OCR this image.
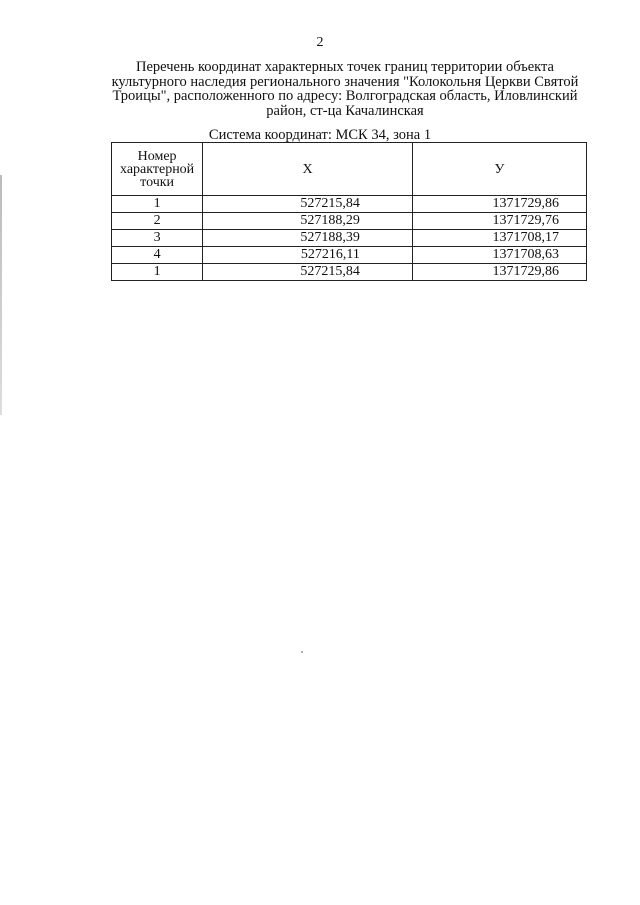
2
Перечень координат характерных точек границ территории объекта
культурного наследия регионального значения "Колокольня Церкви Святой
Троицы", расположенного по адресу: Волгоградская область, Иловлинский
район, ст-ца Качалинская
Система координат: МСК 34, зона 1
Номер
характерной
точки	X	У
1	527215,84	1371729,86
2	527188,29	1371729,76
3	527188,39	1371708,17
4	527216,11	1371708,63
1	527215,84	1371729,86
